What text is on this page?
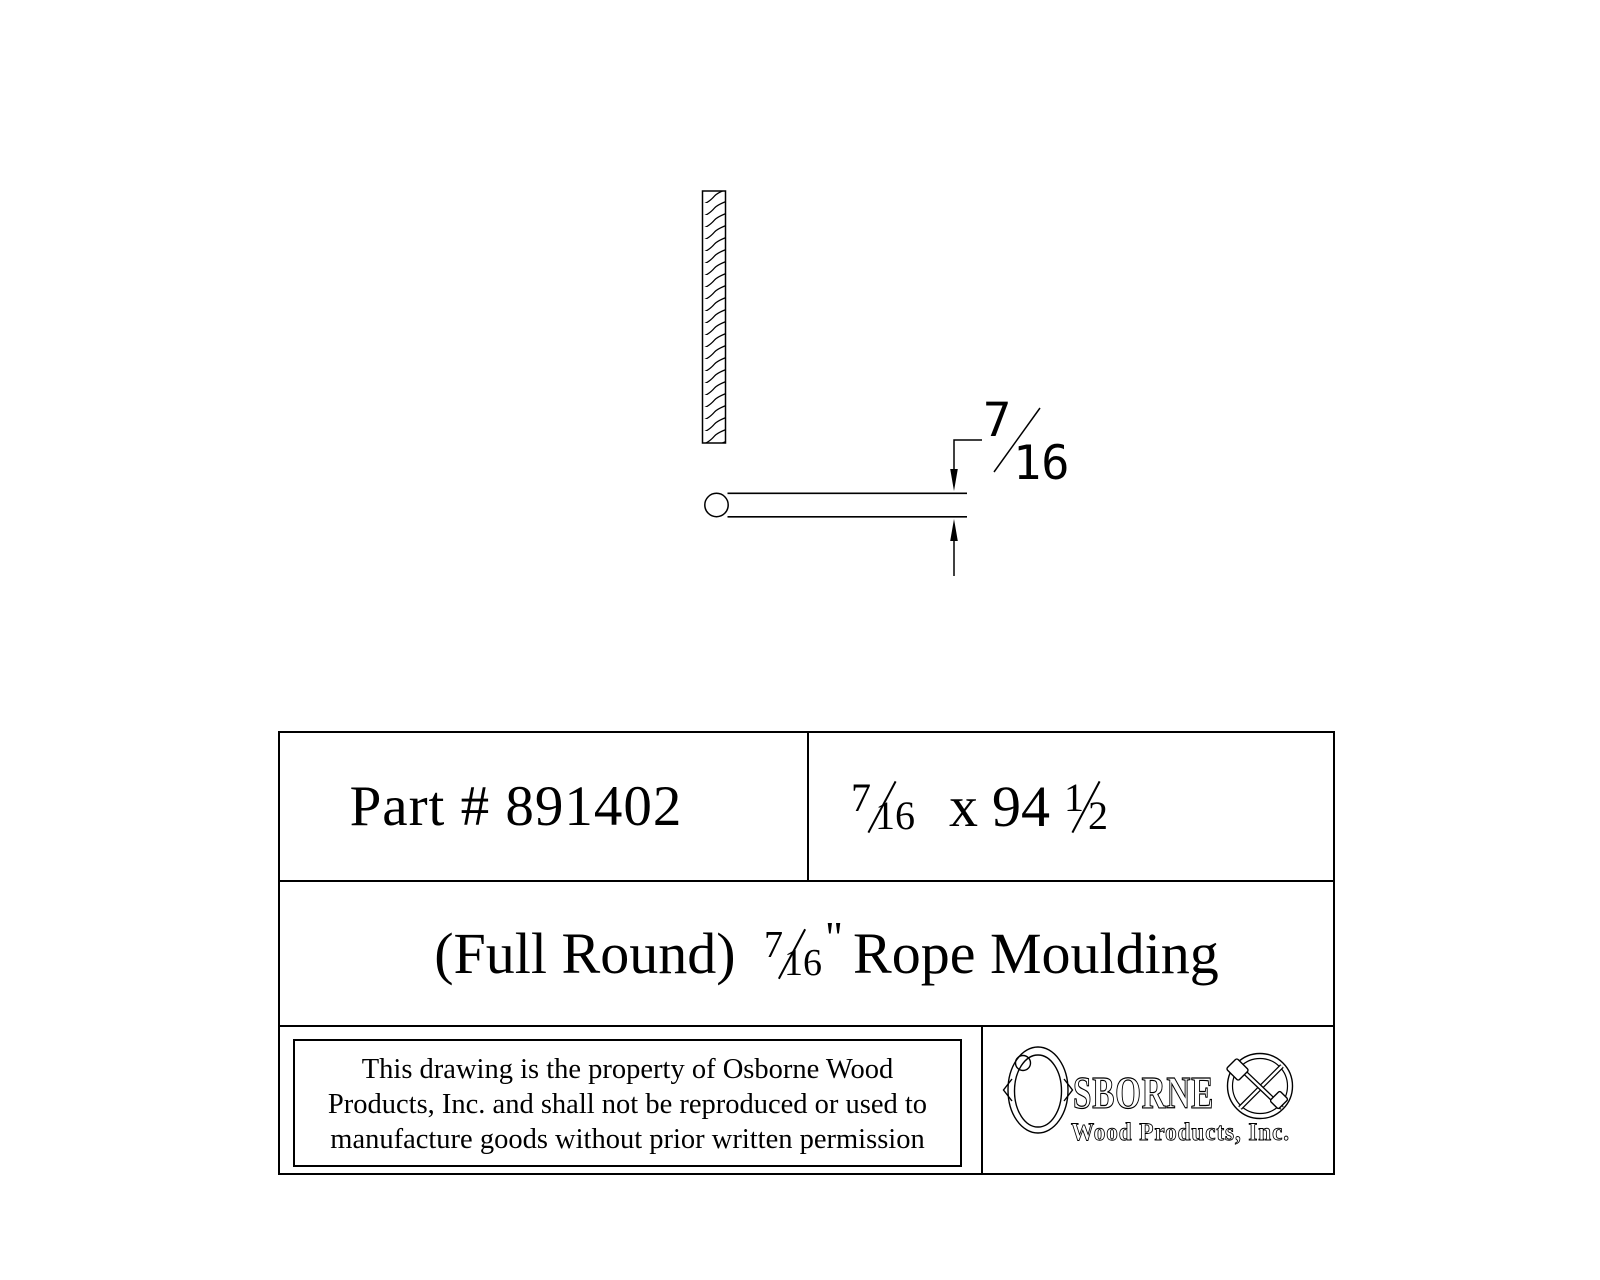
7
16
Part # 891402	7 16 x 94 1 2
(Full Round) 7 16
" Rope Moulding
This drawing is the property of Osborne Wood
Products, Inc. and shall not be reproduced or used to
manufacture goods without prior written permission
SBORNE
Wood Products, Inc.
